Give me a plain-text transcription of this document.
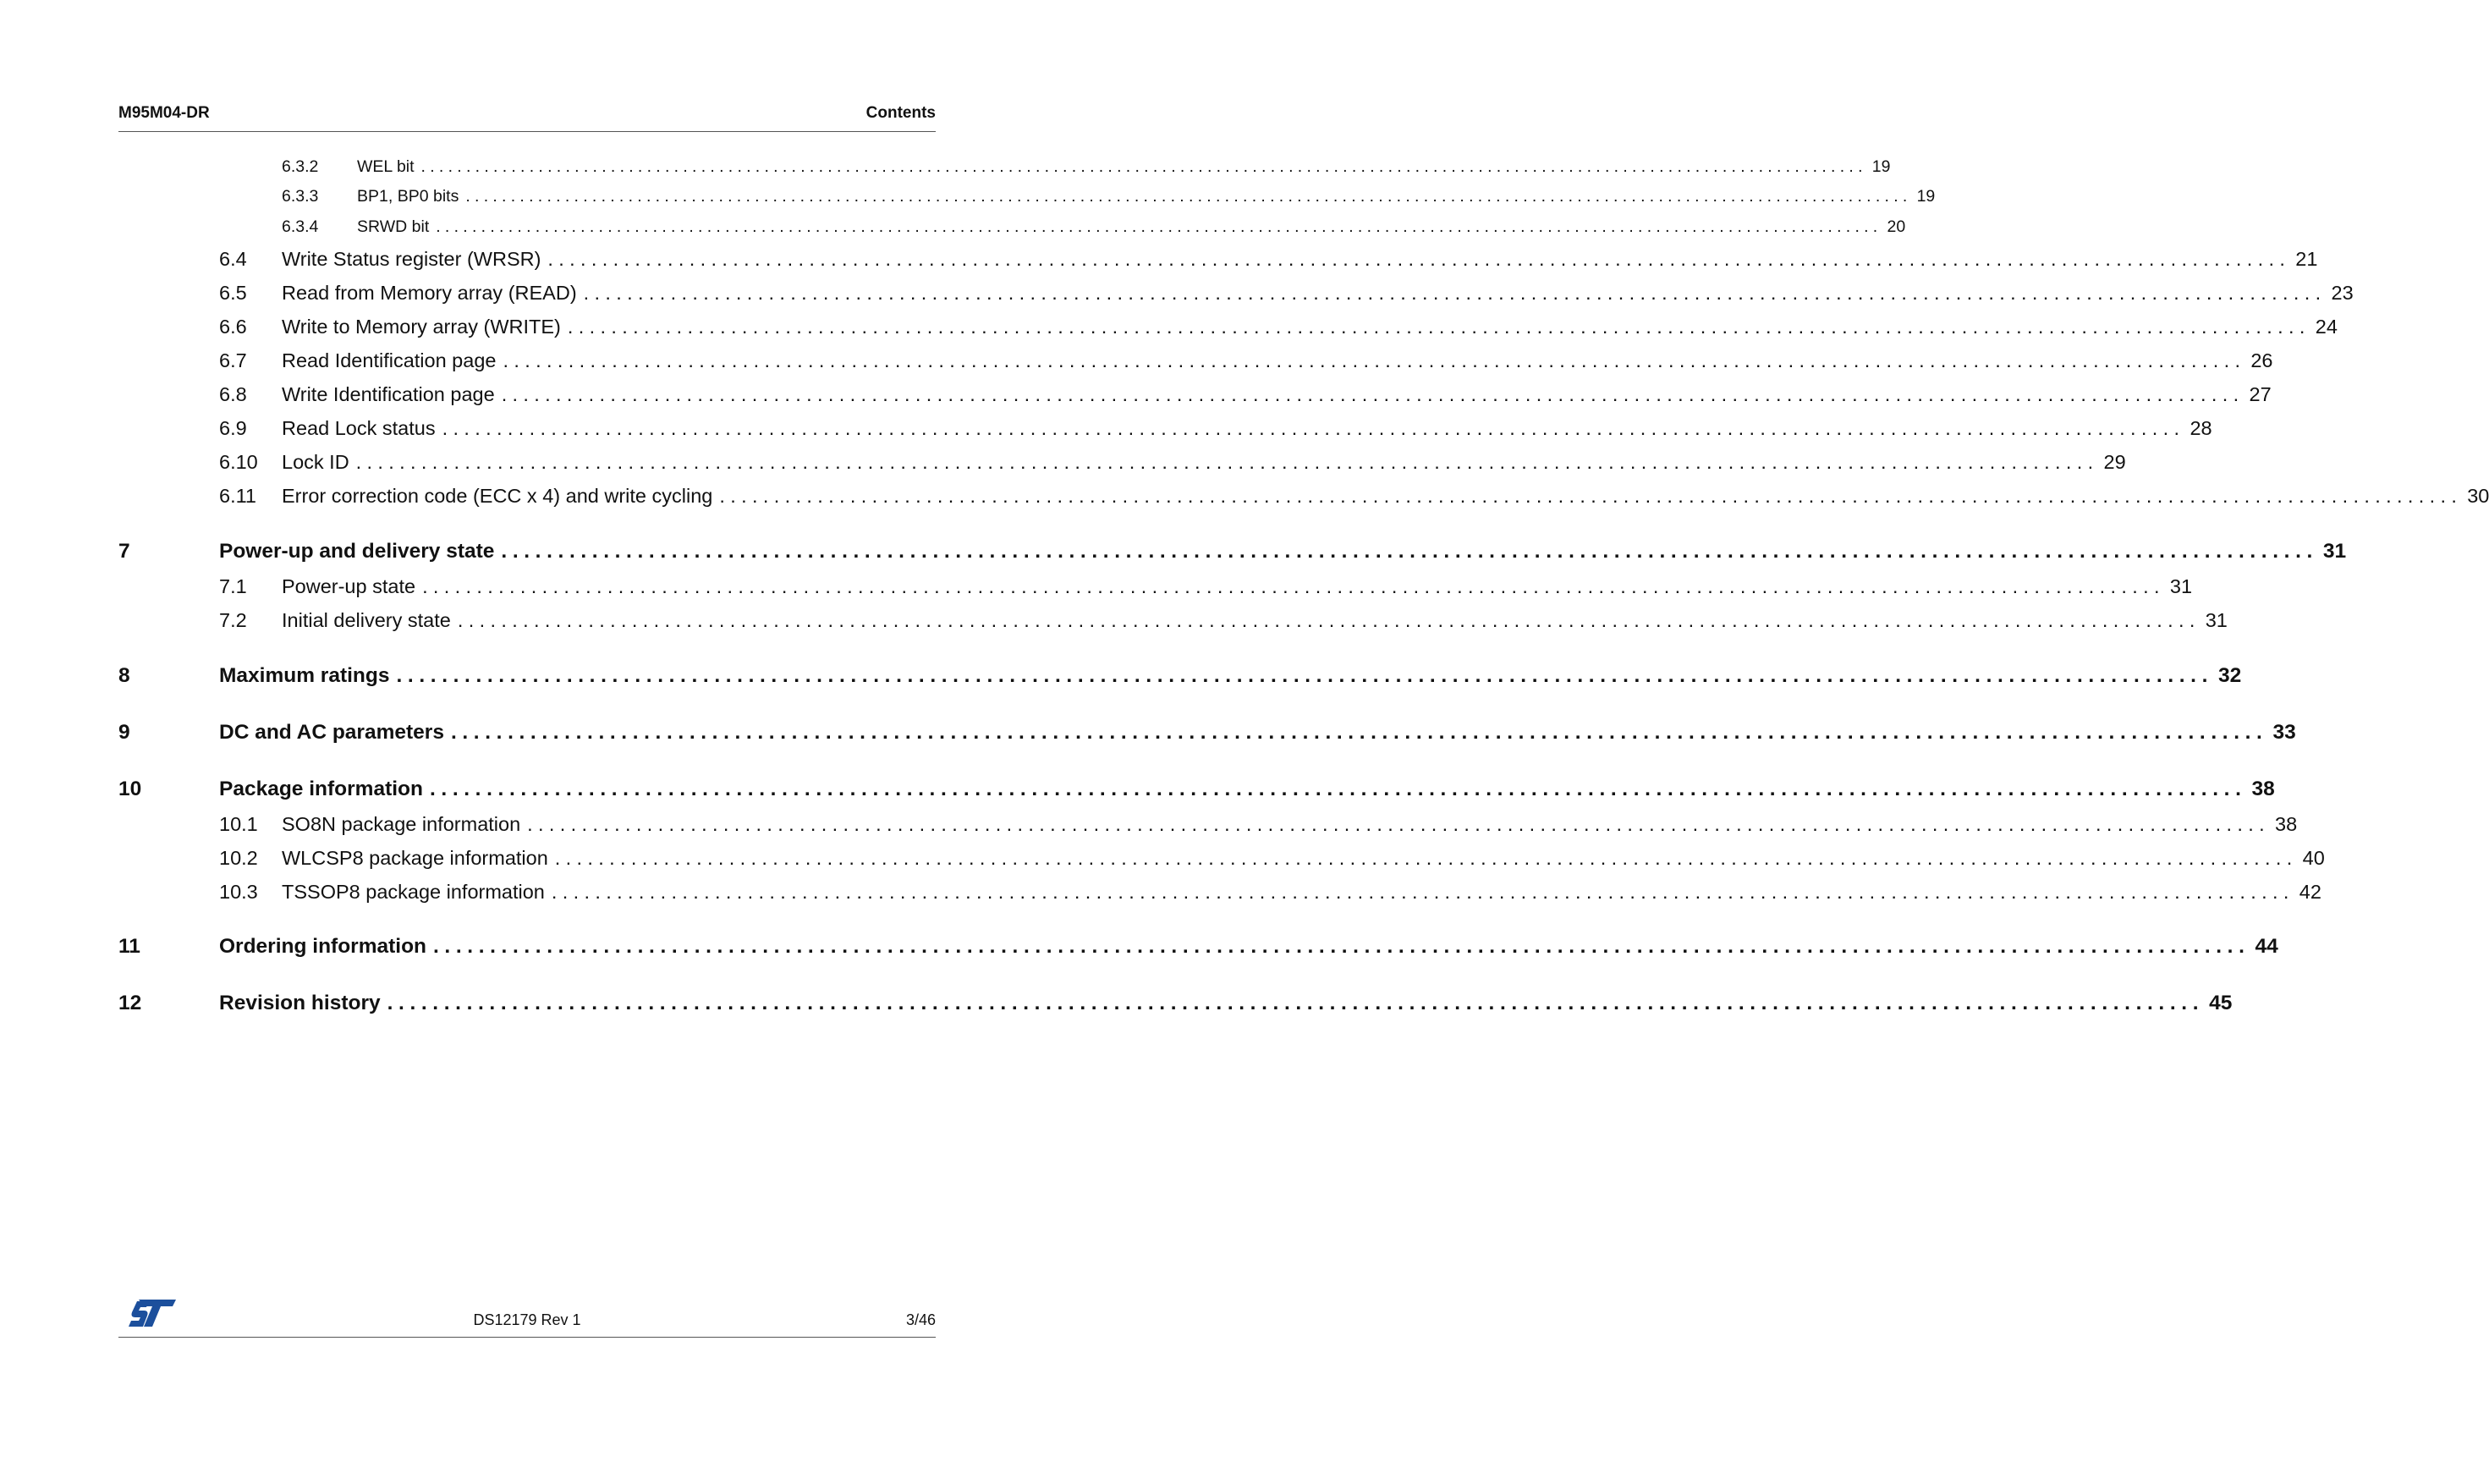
M95M04-DR	Contents
6.3.2 WEL bit ................................................................................................................................................................ 19
6.3.3 BP1, BP0 bits ................................................................................................................................................................ 19
6.3.4 SRWD bit ................................................................................................................................................................ 20
6.4 Write Status register (WRSR) ................................................................................................................................................................ 21
6.5 Read from Memory array (READ) ................................................................................................................................................................ 23
6.6 Write to Memory array (WRITE) ................................................................................................................................................................ 24
6.7 Read Identification page ................................................................................................................................................................ 26
6.8 Write Identification page ................................................................................................................................................................ 27
6.9 Read Lock status ................................................................................................................................................................ 28
6.10 Lock ID ................................................................................................................................................................ 29
6.11 Error correction code (ECC x 4) and write cycling ................................................................................................................................................................ 30
7	Power-up and delivery state ................................................................................................................................................................ 31
7.1 Power-up state ................................................................................................................................................................ 31
7.2 Initial delivery state ................................................................................................................................................................ 31
8	Maximum ratings ................................................................................................................................................................ 32
9	DC and AC parameters ................................................................................................................................................................ 33
10	Package information ................................................................................................................................................................ 38
10.1 SO8N package information ................................................................................................................................................................ 38
10.2 WLCSP8 package information ................................................................................................................................................................ 40
10.3 TSSOP8 package information ................................................................................................................................................................ 42
11	Ordering information ................................................................................................................................................................ 44
12	Revision history ................................................................................................................................................................ 45
DS12179 Rev 1	3/46
